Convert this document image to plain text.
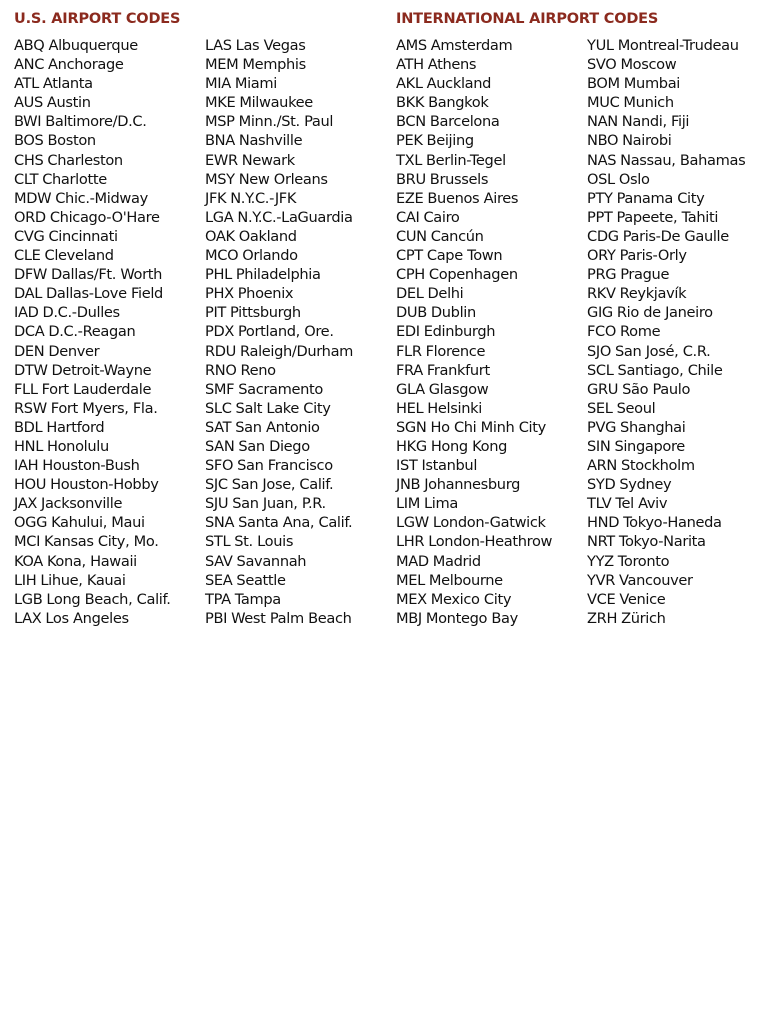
U.S. AIRPORT CODES	INTERNATIONAL AIRPORT CODES
ABQ Albuquerque
ANC Anchorage
ATL Atlanta
AUS Austin
BWI Baltimore/D.C.
BOS Boston
CHS Charleston
CLT Charlotte
MDW Chic.-Midway
ORD Chicago-O'Hare
CVG Cincinnati
CLE Cleveland
DFW Dallas/Ft. Worth
DAL Dallas-Love Field
IAD D.C.-Dulles
DCA D.C.-Reagan
DEN Denver
DTW Detroit-Wayne
FLL Fort Lauderdale
RSW Fort Myers, Fla.
BDL Hartford
HNL Honolulu
IAH Houston-Bush
HOU Houston-Hobby
JAX Jacksonville
OGG Kahului, Maui
MCI Kansas City, Mo.
KOA Kona, Hawaii
LIH Lihue, Kauai
LGB Long Beach, Calif.
LAX Los Angeles
LAS Las Vegas
MEM Memphis
MIA Miami
MKE Milwaukee
MSP Minn./St. Paul
BNA Nashville
EWR Newark
MSY New Orleans
JFK N.Y.C.-JFK
LGA N.Y.C.-LaGuardia
OAK Oakland
MCO Orlando
PHL Philadelphia
PHX Phoenix
PIT Pittsburgh
PDX Portland, Ore.
RDU Raleigh/Durham
RNO Reno
SMF Sacramento
SLC Salt Lake City
SAT San Antonio
SAN San Diego
SFO San Francisco
SJC San Jose, Calif.
SJU San Juan, P.R.
SNA Santa Ana, Calif.
STL St. Louis
SAV Savannah
SEA Seattle
TPA Tampa
PBI West Palm Beach
AMS Amsterdam
ATH Athens
AKL Auckland
BKK Bangkok
BCN Barcelona
PEK Beijing
TXL Berlin-Tegel
BRU Brussels
EZE Buenos Aires
CAI Cairo
CUN Cancún
CPT Cape Town
CPH Copenhagen
DEL Delhi
DUB Dublin
EDI Edinburgh
FLR Florence
FRA Frankfurt
GLA Glasgow
HEL Helsinki
SGN Ho Chi Minh City
HKG Hong Kong
IST Istanbul
JNB Johannesburg
LIM Lima
LGW London-Gatwick
LHR London-Heathrow
MAD Madrid
MEL Melbourne
MEX Mexico City
MBJ Montego Bay
YUL Montreal-Trudeau
SVO Moscow
BOM Mumbai
MUC Munich
NAN Nandi, Fiji
NBO Nairobi
NAS Nassau, Bahamas
OSL Oslo
PTY Panama City
PPT Papeete, Tahiti
CDG Paris-De Gaulle
ORY Paris-Orly
PRG Prague
RKV Reykjavík
GIG Rio de Janeiro
FCO Rome
SJO San José, C.R.
SCL Santiago, Chile
GRU São Paulo
SEL Seoul
PVG Shanghai
SIN Singapore
ARN Stockholm
SYD Sydney
TLV Tel Aviv
HND Tokyo-Haneda
NRT Tokyo-Narita
YYZ Toronto
YVR Vancouver
VCE Venice
ZRH Zürich
